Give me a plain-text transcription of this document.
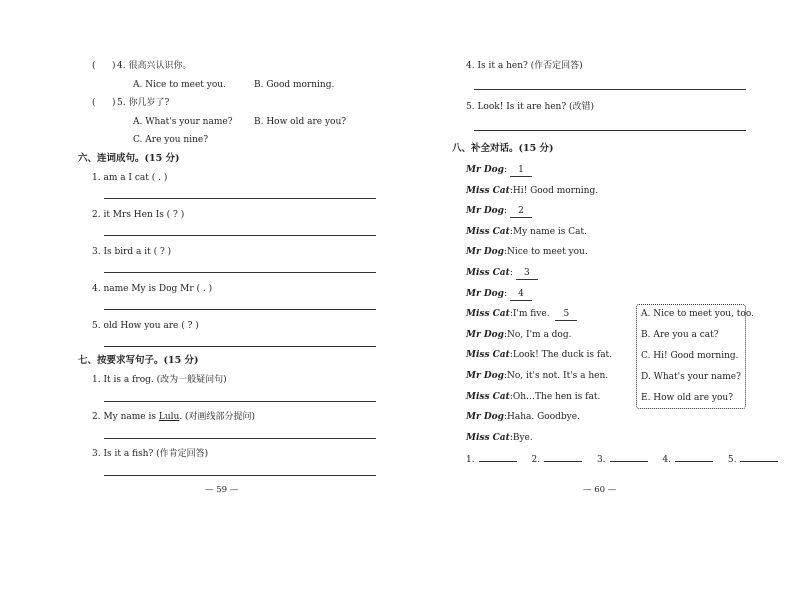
( ) 4. 很高兴认识你。
A. Nice to meet you.	B. Good morning.
( ) 5. 你几岁了?
A. What's your name? B. How old are you?
C. Are you nine?
六、连词成句。(15 分)
1. am a I cat ( . )
2. it Mrs Hen Is ( ? )
3. Is bird a it ( ? )
4. name My is Dog Mr ( . )
5. old How you are ( ? )
七、按要求写句子。(15 分)
1. It is a frog. (改为一般疑问句)
2. My name is Lulu. (对画线部分提问)
3. Is it a fish? (作肯定回答)
— 59 —
4. Is it a hen? (作否定回答)
5. Look! Is it are hen? (改错)
八、补全对话。(15 分)
Mr Dog: 1
Miss Cat:Hi! Good morning.
Mr Dog: 2
Miss Cat:My name is Cat.
Mr Dog:Nice to meet you.
Miss Cat: 3
Mr Dog: 4
Miss Cat:I'm five. 5
Mr Dog:No, I'm a dog.
Miss Cat:Look! The duck is fat.
Mr Dog:No, it's not. It's a hen.
Miss Cat:Oh…The hen is fat.
Mr Dog:Haha. Goodbye.
Miss Cat:Bye.
A. Nice to meet you, too.
B. Are you a cat?
C. Hi! Good morning.
D. What's your name?
E. How old are you?
1.	2.	3.	4.	5.
— 60 —
